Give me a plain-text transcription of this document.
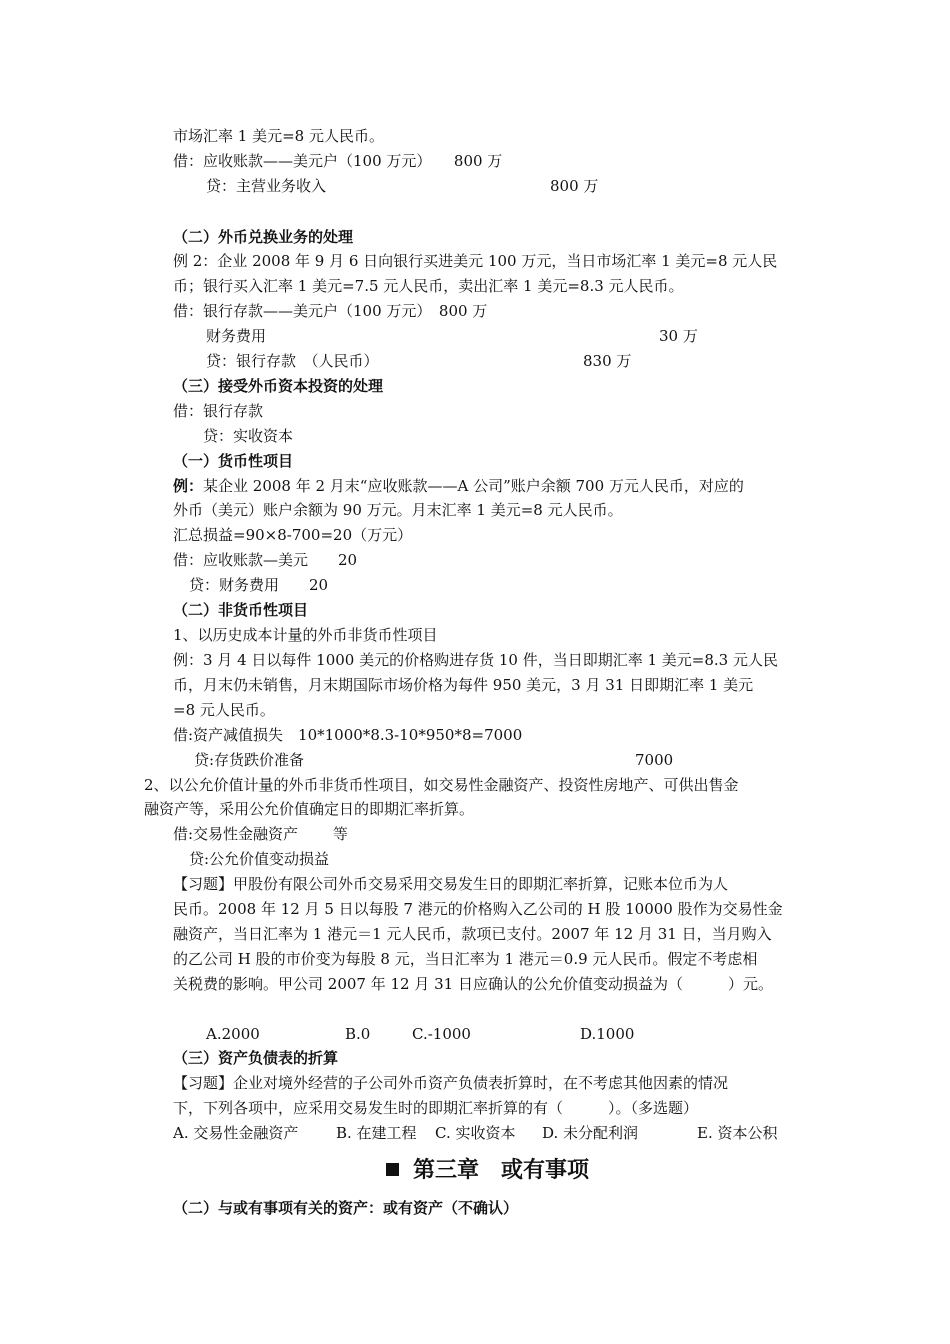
市场汇率 1 美元=8 元人民币。
借：应收账款——美元户（100 万元）　　800 万
贷：主营业务收入	800 万
（二）外币兑换业务的处理
例 2：企业 2008 年 9 月 6 日向银行买进美元 100 万元，当日市场汇率 1 美元=8 元人民
币；银行买入汇率 1 美元=7.5 元人民币，卖出汇率 1 美元=8.3 元人民币。
借：银行存款——美元户（100 万元）　800 万
财务费用	30 万
贷：银行存款　（人民币）	830 万
（三）接受外币资本投资的处理
借：银行存款
贷：实收资本
（一）货币性项目
例：某企业 2008 年 2 月末“应收账款——A 公司”账户余额 700 万元人民币，对应的
外币（美元）账户余额为 90 万元。月末汇率 1 美元=8 元人民币。
汇总损益=90×8-700=20（万元）
借：应收账款—美元　　20
贷：财务费用　　20
（二）非货币性项目
1、以历史成本计量的外币非货币性项目
例：3 月 4 日以每件 1000 美元的价格购进存货 10 件，当日即期汇率 1 美元=8.3 元人民
币，月末仍未销售，月末期国际市场价格为每件 950 美元，3 月 31 日即期汇率 1 美元
=8 元人民币。
借:资产减值损失　10*1000*8.3-10*950*8=7000
贷:存货跌价准备	7000
2、以公允价值计量的外币非货币性项目，如交易性金融资产、投资性房地产、可供出售金
融资产等，采用公允价值确定日的即期汇率折算。
借:交易性金融资产　　 等
贷:公允价值变动损益
【习题】甲股份有限公司外币交易采用交易发生日的即期汇率折算，记账本位币为人
民币。2008 年 12 月 5 日以每股 7 港元的价格购入乙公司的 H 股 10000 股作为交易性金
融资产，当日汇率为 1 港元＝1 元人民币，款项已支付。2007 年 12 月 31 日，当月购入
的乙公司 H 股的市价变为每股 8 元，当日汇率为 1 港元＝0.9 元人民币。假定不考虑相
关税费的影响。甲公司 2007 年 12 月 31 日应确认的公允价值变动损益为（　　　）元。
A.2000	B.0	C.-1000	D.1000
（三）资产负债表的折算
【习题】企业对境外经营的子公司外币资产负债表折算时，在不考虑其他因素的情况
下，下列各项中，应采用交易发生时的即期汇率折算的有（　　　）。（多选题）
A. 交易性金融资产	B. 在建工程 C. 实收资本 D. 未分配利润	E. 资本公积
第三章　或有事项
（二）与或有事项有关的资产：或有资产（不确认）
